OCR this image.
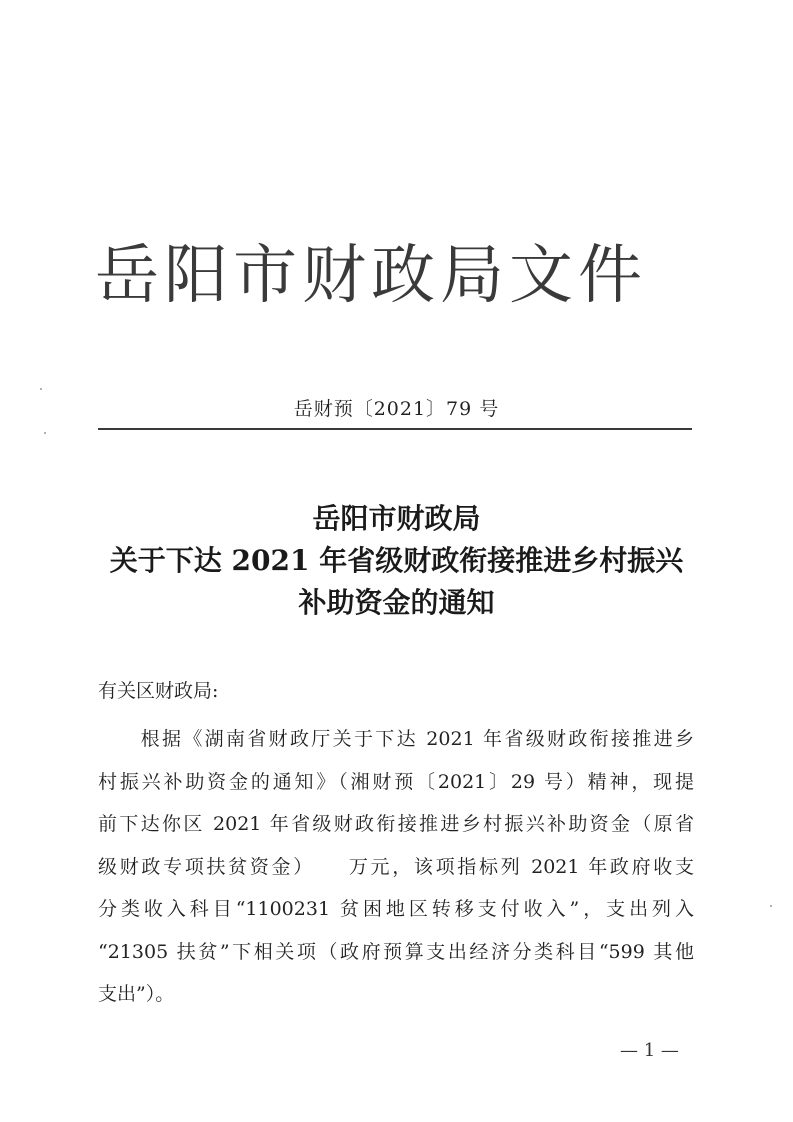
岳阳市财政局文件
岳财预〔2021〕79 号
岳阳市财政局
关于下达 2021 年省级财政衔接推进乡村振兴
补助资金的通知
有关区财政局:
　　根据《湖南省财政厅关于下达 2021 年省级财政衔接推进乡
村振兴补助资金的通知》（湘财预〔2021〕29 号）精神，现提
前下达你区 2021 年省级财政衔接推进乡村振兴补助资金（原省
级财政专项扶贫资金）　　万元，该项指标列 2021 年政府收支
分类收入科目“1100231 贫困地区转移支付收入”，支出列入
“21305 扶贫”下相关项（政府预算支出经济分类科目“599 其他
支出”）。
— 1 —
